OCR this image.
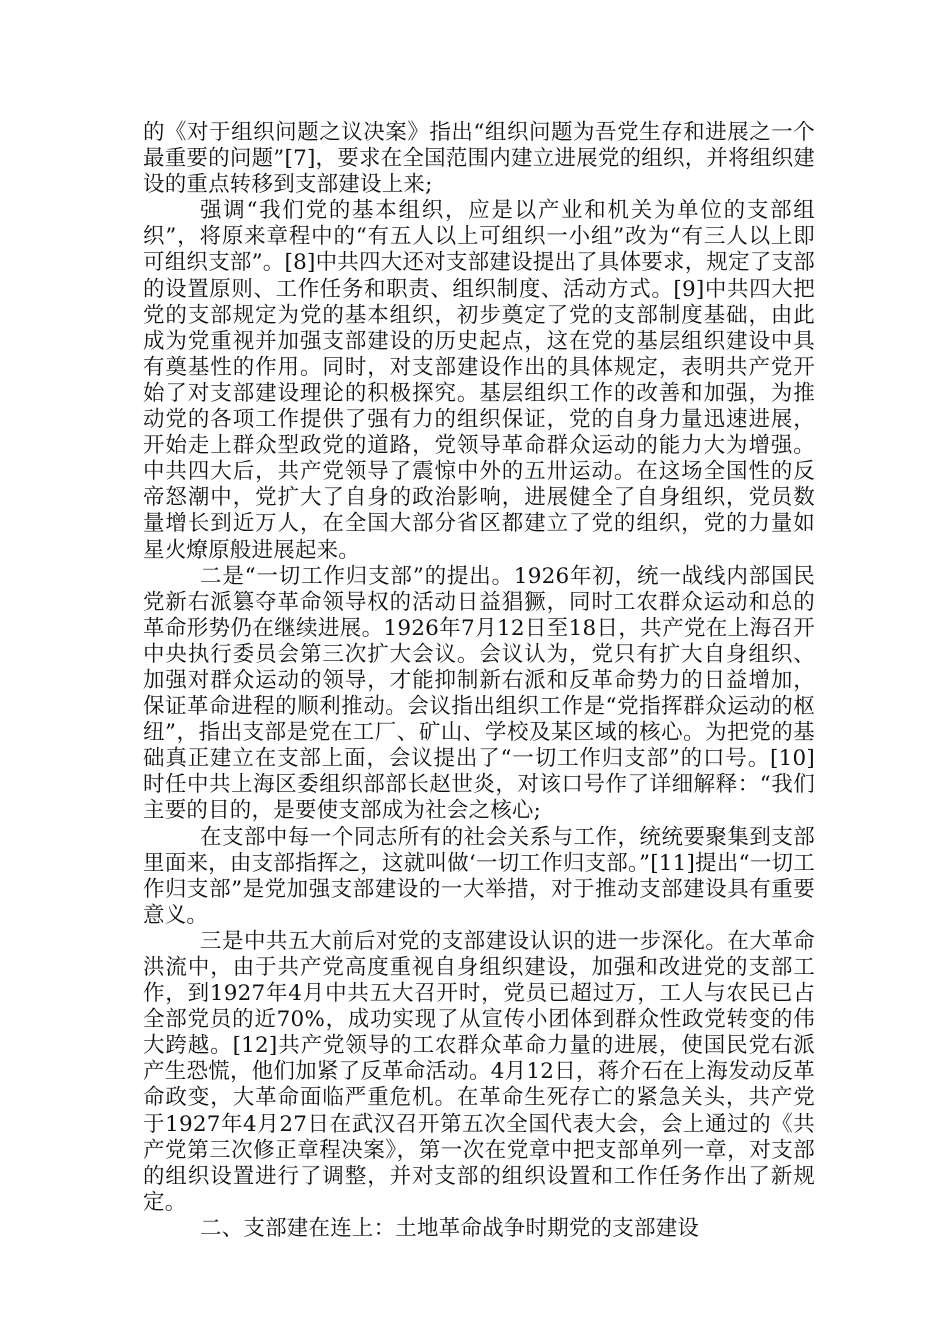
的《对于组织问题之议决案》指出“组织问题为吾党生存和进展之一个最重要的问题”[7]，要求在全国范围内建立进展党的组织，并将组织建设的重点转移到支部建设上来;

强调“我们党的基本组织，应是以产业和机关为单位的支部组织”，将原来章程中的“有五人以上可组织一小组”改为“有三人以上即可组织支部”。[8]中共四大还对支部建设提出了具体要求，规定了支部的设置原则、工作任务和职责、组织制度、活动方式。[9]中共四大把党的支部规定为党的基本组织，初步奠定了党的支部制度基础，由此成为党重视并加强支部建设的历史起点，这在党的基层组织建设中具有奠基性的作用。同时，对支部建设作出的具体规定，表明共产党开始了对支部建设理论的积极探究。基层组织工作的改善和加强，为推动党的各项工作提供了强有力的组织保证，党的自身力量迅速进展，开始走上群众型政党的道路，党领导革命群众运动的能力大为增强。中共四大后，共产党领导了震惊中外的五卅运动。在这场全国性的反帝怒潮中，党扩大了自身的政治影响，进展健全了自身组织，党员数量增长到近万人，在全国大部分省区都建立了党的组织，党的力量如星火燎原般进展起来。

二是“一切工作归支部”的提出。1926年初，统一战线内部国民党新右派篡夺革命领导权的活动日益猖獗，同时工农群众运动和总的革命形势仍在继续进展。1926年7月12日至18日，共产党在上海召开中央执行委员会第三次扩大会议。会议认为，党只有扩大自身组织、加强对群众运动的领导，才能抑制新右派和反革命势力的日益增加，保证革命进程的顺利推动。会议指出组织工作是“党指挥群众运动的枢纽”，指出支部是党在工厂、矿山、学校及某区域的核心。为把党的基础真正建立在支部上面，会议提出了“一切工作归支部”的口号。[10]时任中共上海区委组织部部长赵世炎，对该口号作了详细解释：“我们主要的目的，是要使支部成为社会之核心;

在支部中每一个同志所有的社会关系与工作，统统要聚集到支部里面来，由支部指挥之，这就叫做‘一切工作归支部。”[11]提出“一切工作归支部”是党加强支部建设的一大举措，对于推动支部建设具有重要意义。

三是中共五大前后对党的支部建设认识的进一步深化。在大革命洪流中，由于共产党高度重视自身组织建设，加强和改进党的支部工作，到1927年4月中共五大召开时，党员已超过万，工人与农民已占全部党员的近70%，成功实现了从宣传小团体到群众性政党转变的伟大跨越。[12]共产党领导的工农群众革命力量的进展，使国民党右派产生恐慌，他们加紧了反革命活动。4月12日，蒋介石在上海发动反革命政变，大革命面临严重危机。在革命生死存亡的紧急关头，共产党于1927年4月27日在武汉召开第五次全国代表大会，会上通过的《共产党第三次修正章程决案》，第一次在党章中把支部单列一章，对支部的组织设置进行了调整，并对支部的组织设置和工作任务作出了新规定。

二、支部建在连上：土地革命战争时期党的支部建设
